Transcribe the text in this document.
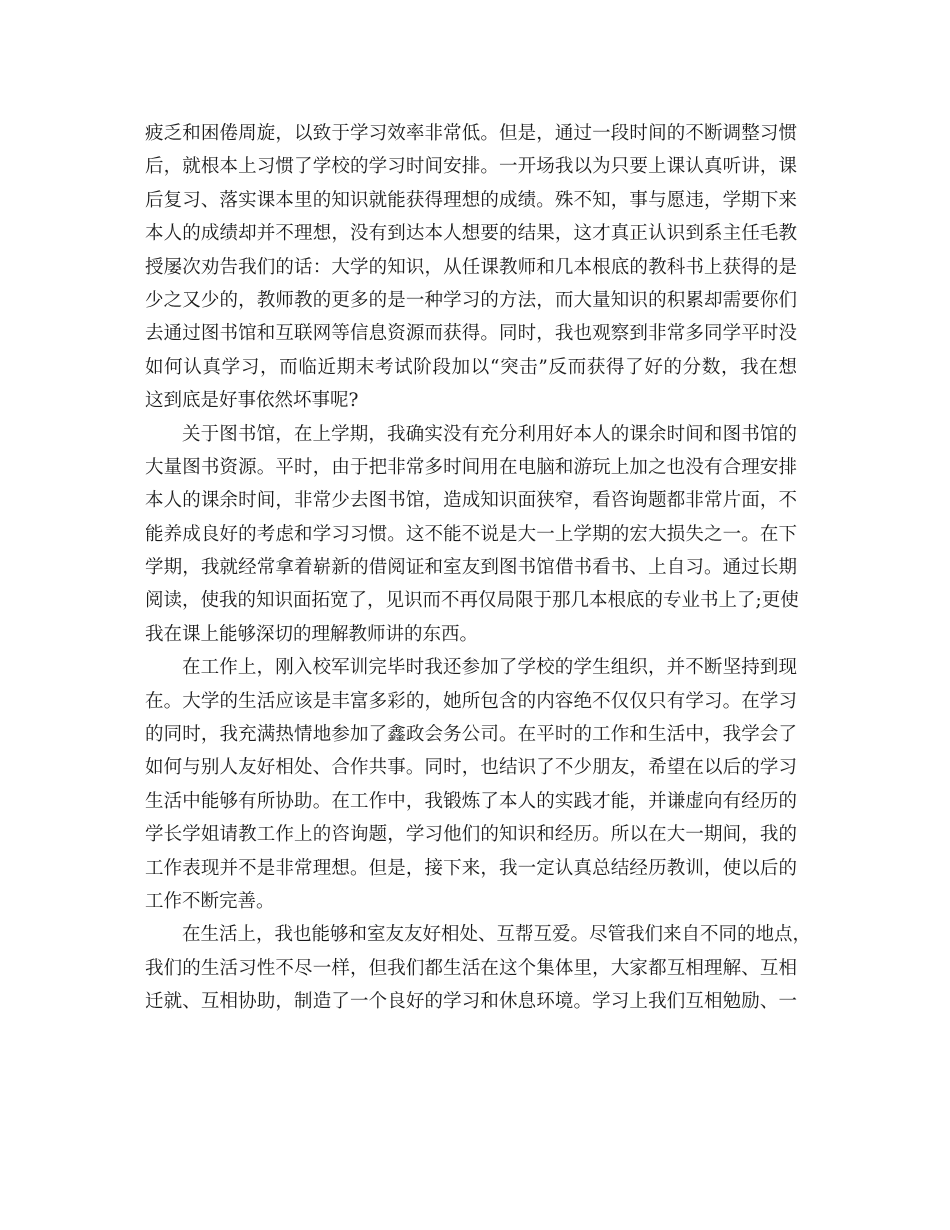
疲乏和困倦周旋，以致于学习效率非常低。但是，通过一段时间的不断调整习惯
后，就根本上习惯了学校的学习时间安排。一开场我以为只要上课认真听讲，课
后复习、落实课本里的知识就能获得理想的成绩。殊不知，事与愿违，学期下来
本人的成绩却并不理想，没有到达本人想要的结果，这才真正认识到系主任毛教
授屡次劝告我们的话：大学的知识，从任课教师和几本根底的教科书上获得的是
少之又少的，教师教的更多的是一种学习的方法，而大量知识的积累却需要你们
去通过图书馆和互联网等信息资源而获得。同时，我也观察到非常多同学平时没
如何认真学习，而临近期末考试阶段加以“突击”反而获得了好的分数，我在想
这到底是好事依然坏事呢?
关于图书馆，在上学期，我确实没有充分利用好本人的课余时间和图书馆的
大量图书资源。平时，由于把非常多时间用在电脑和游玩上加之也没有合理安排
本人的课余时间，非常少去图书馆，造成知识面狭窄，看咨询题都非常片面，不
能养成良好的考虑和学习习惯。这不能不说是大一上学期的宏大损失之一。在下
学期，我就经常拿着崭新的借阅证和室友到图书馆借书看书、上自习。通过长期
阅读，使我的知识面拓宽了，见识而不再仅局限于那几本根底的专业书上了;更使
我在课上能够深切的理解教师讲的东西。
在工作上，刚入校军训完毕时我还参加了学校的学生组织，并不断坚持到现
在。大学的生活应该是丰富多彩的，她所包含的内容绝不仅仅只有学习。在学习
的同时，我充满热情地参加了鑫政会务公司。在平时的工作和生活中，我学会了
如何与别人友好相处、合作共事。同时，也结识了不少朋友，希望在以后的学习
生活中能够有所协助。在工作中，我锻炼了本人的实践才能，并谦虚向有经历的
学长学姐请教工作上的咨询题，学习他们的知识和经历。所以在大一期间，我的
工作表现并不是非常理想。但是，接下来，我一定认真总结经历教训，使以后的
工作不断完善。
在生活上，我也能够和室友友好相处、互帮互爱。尽管我们来自不同的地点，
我们的生活习性不尽一样，但我们都生活在这个集体里，大家都互相理解、互相
迁就、互相协助，制造了一个良好的学习和休息环境。学习上我们互相勉励、一
